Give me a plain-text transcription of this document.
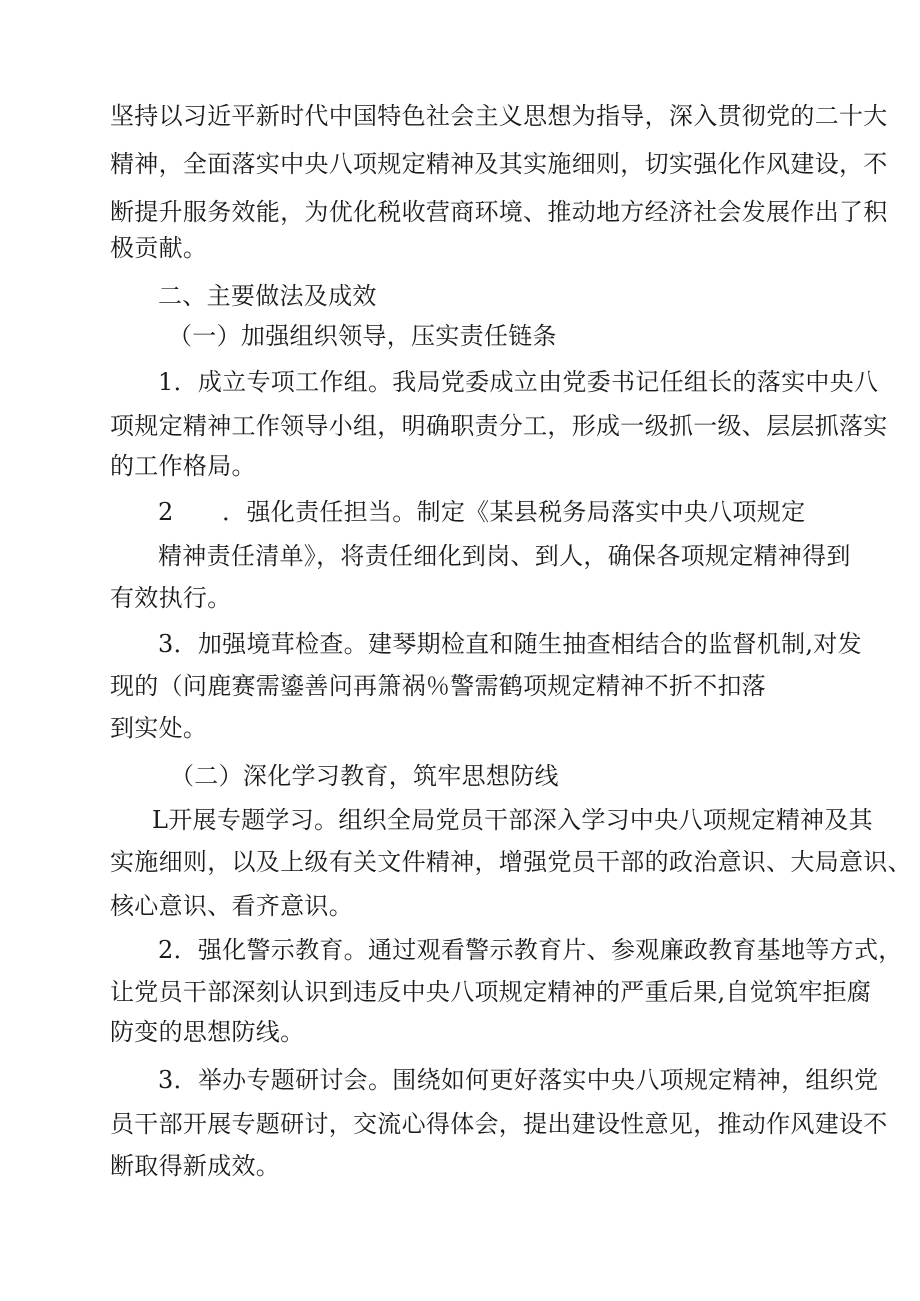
坚持以习近平新时代中国特色社会主义思想为指导，深入贯彻党的二十大
精神，全面落实中央八项规定精神及其实施细则，切实强化作风建设，不
断提升服务效能，为优化税收营商环境、推动地方经济社会发展作出了积
极贡献。
二、主要做法及成效
（一）加强组织领导，压实责任链条
1．成立专项工作组。我局党委成立由党委书记任组长的落实中央八
项规定精神工作领导小组，明确职责分工，形成一级抓一级、层层抓落实
的工作格局。
2　　．强化责任担当。制定《某县税务局落实中央八项规定
精神责任清单》，将责任细化到岗、到人，确保各项规定精神得到
有效执行。
3．加强境茸检查。建琴期检直和随生抽查相结合的监督机制,对发
现的（问鹿赛需鎏善问再箫祸％警需鹤项规定精神不折不扣落
到实处。
（二）深化学习教育，筑牢思想防线
L开展专题学习。组织全局党员干部深入学习中央八项规定精神及其
实施细则，以及上级有关文件精神，增强党员干部的政治意识、大局意识、
核心意识、看齐意识。
2．强化警示教育。通过观看警示教育片、参观廉政教育基地等方式，
让党员干部深刻认识到违反中央八项规定精神的严重后果,自觉筑牢拒腐
防变的思想防线。
3．举办专题研讨会。围绕如何更好落实中央八项规定精神，组织党
员干部开展专题研讨，交流心得体会，提出建设性意见，推动作风建设不
断取得新成效。
